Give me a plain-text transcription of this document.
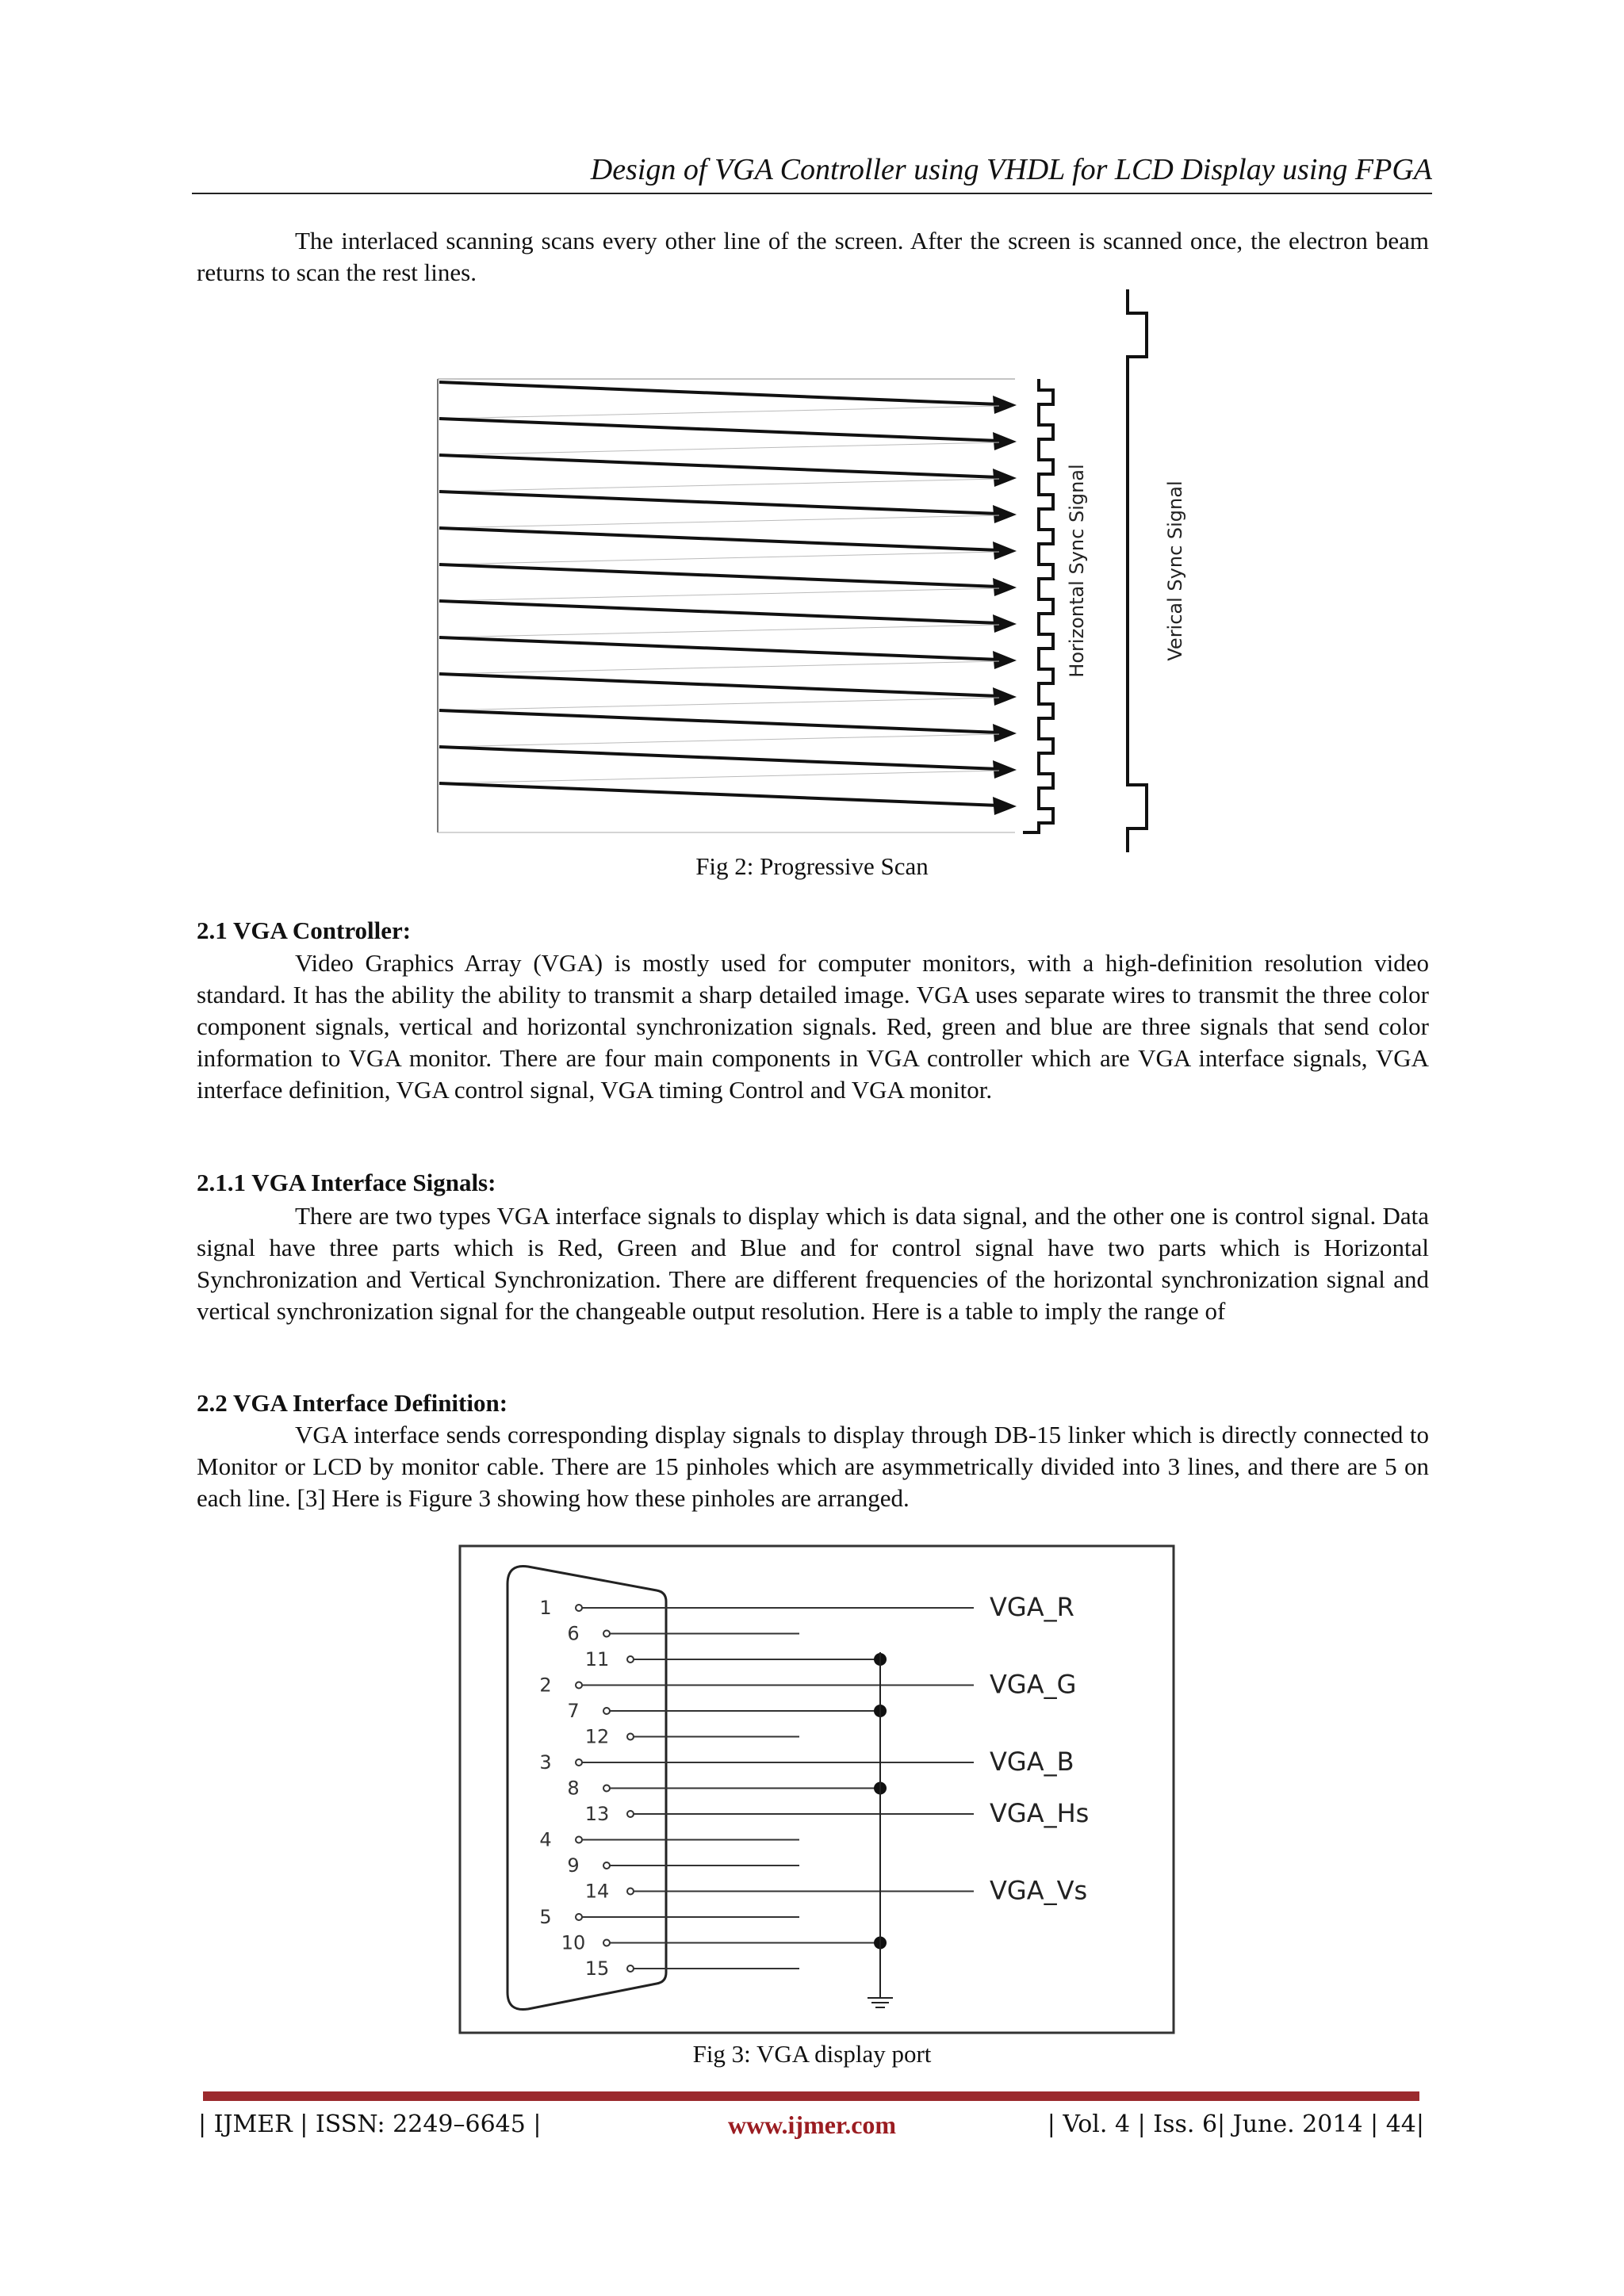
Design of VGA Controller using VHDL for LCD Display using FPGA

The interlaced scanning scans every other line of the screen. After the screen is scanned once, the electron beam returns to scan the rest lines.

Horizontal Sync Signal	Verical Sync Signal
Fig 2: Progressive Scan
2.1 VGA Controller:

Video Graphics Array (VGA) is mostly used for computer monitors, with a high-definition resolution video standard. It has the ability the ability to transmit a sharp detailed image. VGA uses separate wires to transmit the three color component signals, vertical and horizontal synchronization signals. Red, green and blue are three signals that send color information to VGA monitor. There are four main components in VGA controller which are VGA interface signals, VGA interface definition, VGA control signal, VGA timing Control and VGA monitor.

2.1.1 VGA Interface Signals:

There are two types VGA interface signals to display which is data signal, and the other one is control signal. Data signal have three parts which is Red, Green and Blue and for control signal have two parts which is Horizontal Synchronization and Vertical Synchronization. There are different frequencies of the horizontal synchronization signal and vertical synchronization signal for the changeable output resolution. Here is a table to imply the range of

2.2 VGA Interface Definition:

VGA interface sends corresponding display signals to display through DB-15 linker which is directly connected to Monitor or LCD by monitor cable. There are 15 pinholes which are asymmetrically divided into 3 lines, and there are 5 on each line. [3] Here is Figure 3 showing how these pinholes are arranged.

1
6
11
2
7
12
3
8
13
4
9
14
5
10
15
VGA_R
VGA_G
VGA_B
VGA_Hs
VGA_Vs
Fig 3: VGA display port
| IJMER | ISSN: 2249–6645 |	www.ijmer.com	| Vol. 4 | Iss. 6| June. 2014 | 44|
